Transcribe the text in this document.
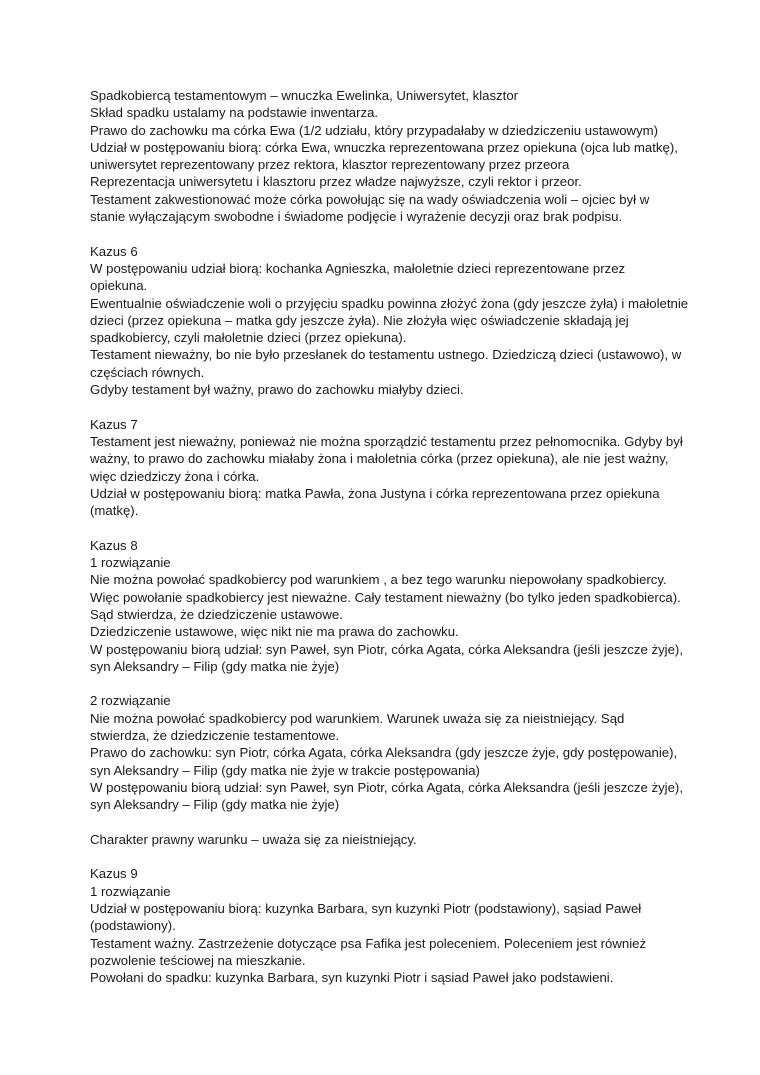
Spadkobiercą testamentowym – wnuczka Ewelinka, Uniwersytet, klasztor
Skład spadku ustalamy na podstawie inwentarza.
Prawo do zachowku ma córka Ewa (1/2 udziału, który przypadałaby w dziedziczeniu ustawowym)
Udział w postępowaniu biorą: córka Ewa, wnuczka reprezentowana przez opiekuna (ojca lub matkę),
uniwersytet reprezentowany przez rektora, klasztor reprezentowany przez przeora
Reprezentacja uniwersytetu i klasztoru przez władze najwyższe, czyli rektor i przeor.
Testament zakwestionować może córka powołując się na wady oświadczenia woli – ojciec był w
stanie wyłączającym swobodne i świadome podjęcie i wyrażenie decyzji oraz brak podpisu.
Kazus 6
W postępowaniu udział biorą: kochanka Agnieszka, małoletnie dzieci reprezentowane przez
opiekuna.
Ewentualnie oświadczenie woli o przyjęciu spadku powinna złożyć żona (gdy jeszcze żyła) i małoletnie
dzieci (przez opiekuna – matka gdy jeszcze żyła). Nie złożyła więc oświadczenie składają jej
spadkobiercy, czyli małoletnie dzieci (przez opiekuna).
Testament nieważny, bo nie było przesłanek do testamentu ustnego. Dziedziczą dzieci (ustawowo), w
częściach równych.
Gdyby testament był ważny, prawo do zachowku miałyby dzieci.
Kazus 7
Testament jest nieważny, ponieważ nie można sporządzić testamentu przez pełnomocnika. Gdyby był
ważny, to prawo do zachowku miałaby żona i małoletnia córka (przez opiekuna), ale nie jest ważny,
więc dziedziczy żona i córka.
Udział w postępowaniu biorą: matka Pawła, żona Justyna i córka reprezentowana przez opiekuna
(matkę).
Kazus 8
1 rozwiązanie
Nie można powołać spadkobiercy pod warunkiem , a bez tego warunku niepowołany spadkobiercy.
Więc powołanie spadkobiercy jest nieważne. Cały testament nieważny (bo tylko jeden spadkobierca).
Sąd stwierdza, że dziedziczenie ustawowe.
Dziedziczenie ustawowe, więc nikt nie ma prawa do zachowku.
W postępowaniu biorą udział: syn Paweł, syn Piotr, córka Agata, córka Aleksandra (jeśli jeszcze żyje),
syn Aleksandry – Filip (gdy matka nie żyje)
2 rozwiązanie
Nie można powołać spadkobiercy pod warunkiem. Warunek uważa się za nieistniejący. Sąd
stwierdza, że dziedziczenie testamentowe.
Prawo do zachowku: syn Piotr, córka Agata, córka Aleksandra (gdy jeszcze żyje, gdy postępowanie),
syn Aleksandry – Filip (gdy matka nie żyje w trakcie postępowania)
W postępowaniu biorą udział: syn Paweł, syn Piotr, córka Agata, córka Aleksandra (jeśli jeszcze żyje),
syn Aleksandry – Filip (gdy matka nie żyje)
Charakter prawny warunku – uważa się za nieistniejący.
Kazus 9
1 rozwiązanie
Udział w postępowaniu biorą: kuzynka Barbara, syn kuzynki Piotr (podstawiony), sąsiad Paweł
(podstawiony).
Testament ważny. Zastrzeżenie dotyczące psa Fafika jest poleceniem. Poleceniem jest również
pozwolenie teściowej na mieszkanie.
Powołani do spadku: kuzynka Barbara, syn kuzynki Piotr i sąsiad Paweł jako podstawieni.
